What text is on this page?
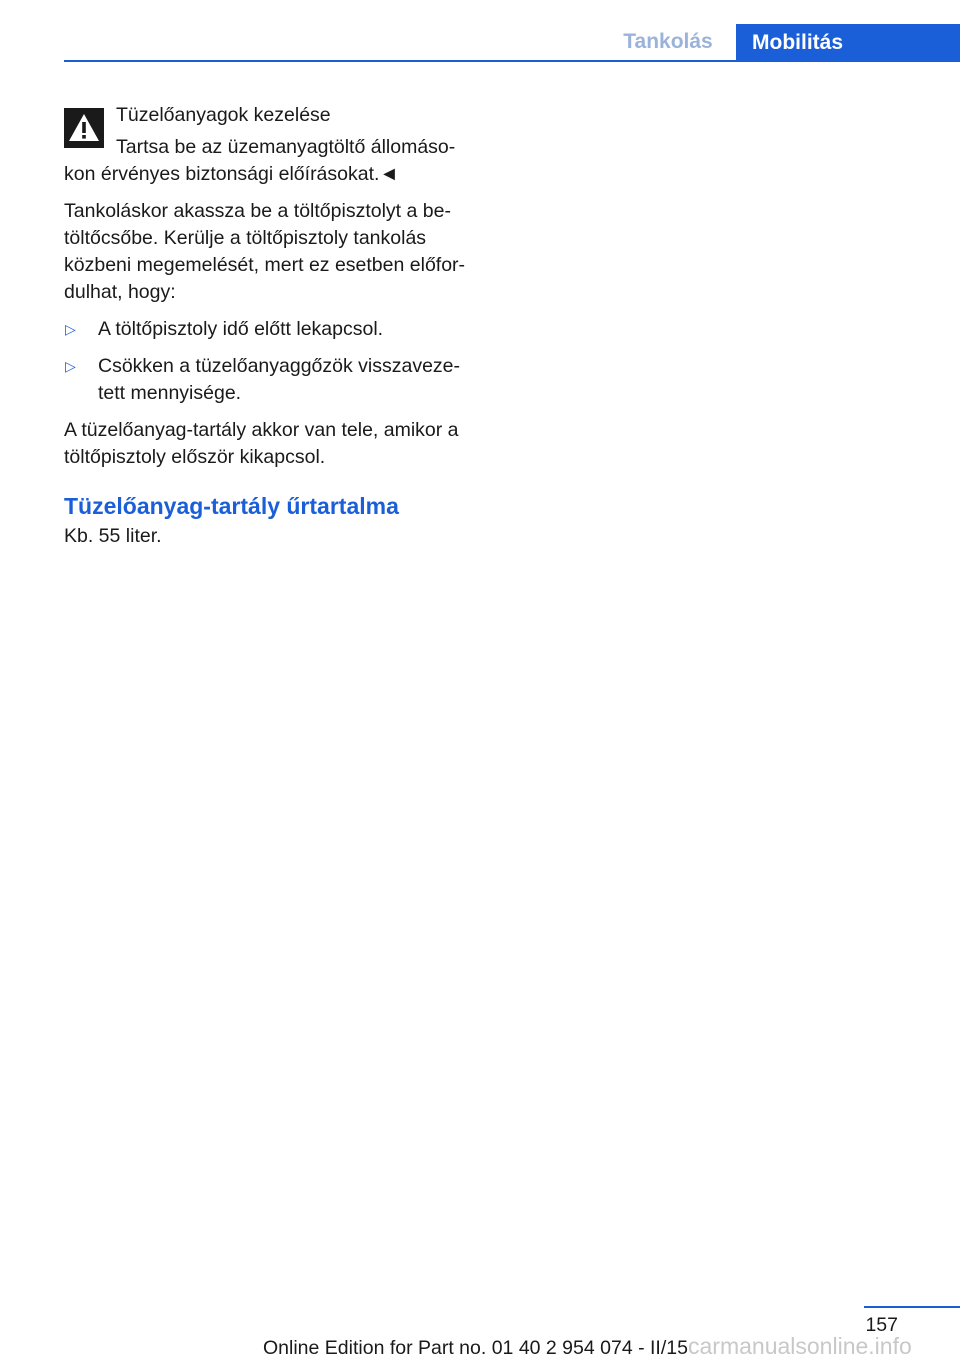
Tankolás	Mobilitás
Tüzelőanyagok kezelése
Tartsa be az üzemanyagtöltő állomásokon érvényes biztonsági előírásokat.◄
Tankoláskor akassza be a töltőpisztolyt a betöltőcsőbe. Kerülje a töltőpisztoly tankolás közbeni megemelését, mert ez esetben előfordulhat, hogy:
▷ A töltőpisztoly idő előtt lekapcsol.
▷ Csökken a tüzelőanyaggőzök visszavezetett mennyisége.
A tüzelőanyag-tartály akkor van tele, amikor a töltőpisztoly először kikapcsol.
Tüzelőanyag-tartály űrtartalma
Kb. 55 liter.
157
Online Edition for Part no. 01 40 2 954 074 - II/15 carmanualsonline.info
